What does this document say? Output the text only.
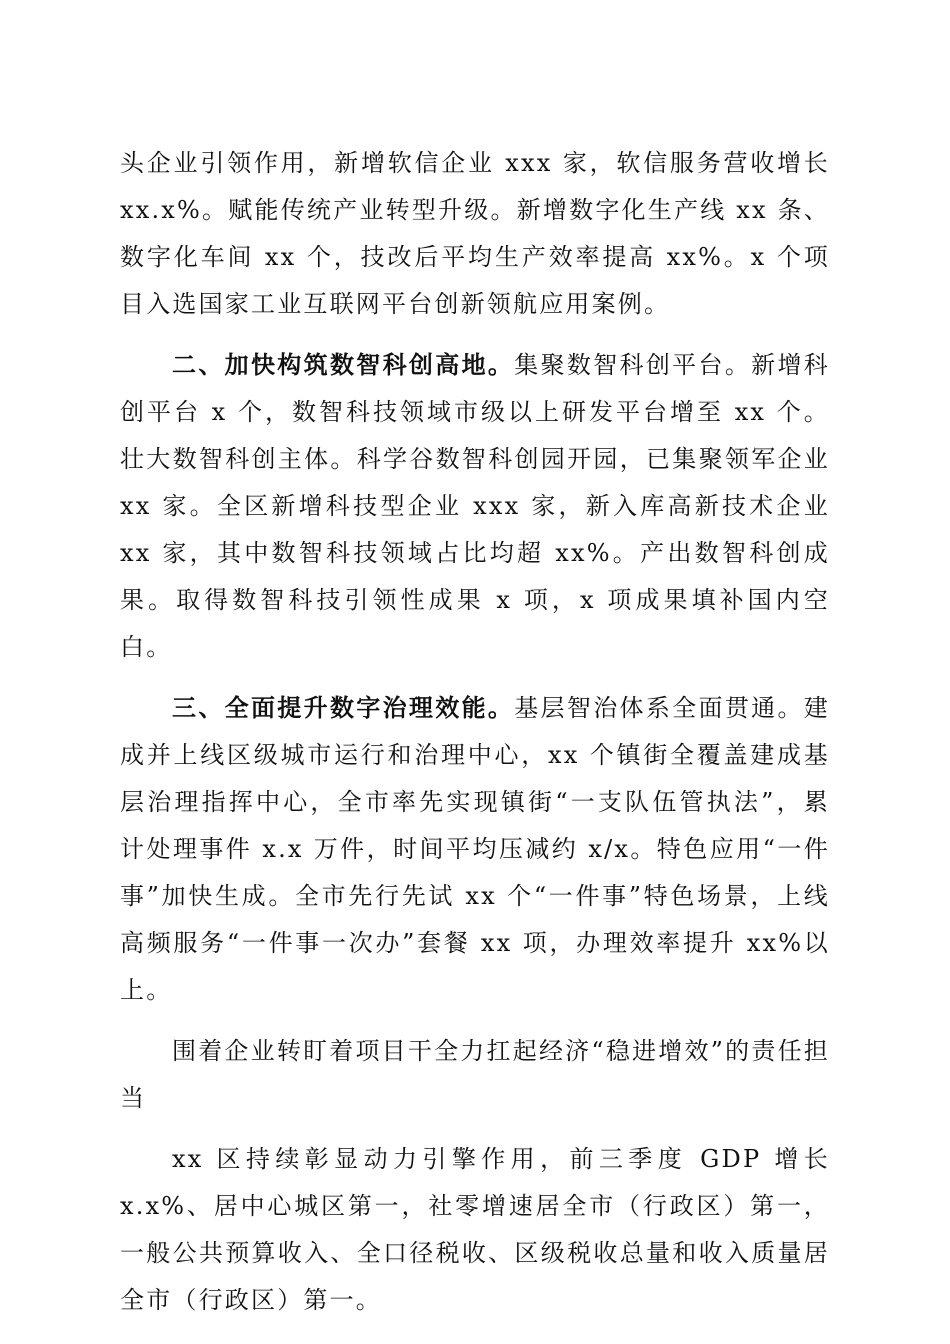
头企业引领作用，新增软信企业 xxx 家，软信服务营收增长 xx.x%。赋能传统产业转型升级。新增数字化生产线 xx 条、数字化车间 xx 个，技改后平均生产效率提高 xx%。x 个项目入选国家工业互联网平台创新领航应用案例。

二、加快构筑数智科创高地。集聚数智科创平台。新增科创平台 x 个，数智科技领域市级以上研发平台增至 xx 个。壮大数智科创主体。科学谷数智科创园开园，已集聚领军企业 xx 家。全区新增科技型企业 xxx 家，新入库高新技术企业 xx 家，其中数智科技领域占比均超 xx%。产出数智科创成果。取得数智科技引领性成果 x 项，x 项成果填补国内空白。

三、全面提升数字治理效能。基层智治体系全面贯通。建成并上线区级城市运行和治理中心，xx 个镇街全覆盖建成基层治理指挥中心，全市率先实现镇街“一支队伍管执法”，累计处理事件 x.x 万件，时间平均压减约 x/x。特色应用“一件事”加快生成。全市先行先试 xx 个“一件事”特色场景，上线高频服务“一件事一次办”套餐 xx 项，办理效率提升 xx%以上。

围着企业转盯着项目干全力扛起经济“稳进增效”的责任担当

xx 区持续彰显动力引擎作用，前三季度 GDP 增长 x.x%、居中心城区第一，社零增速居全市（行政区）第一，一般公共预算收入、全口径税收、区级税收总量和收入质量居全市（行政区）第一。
